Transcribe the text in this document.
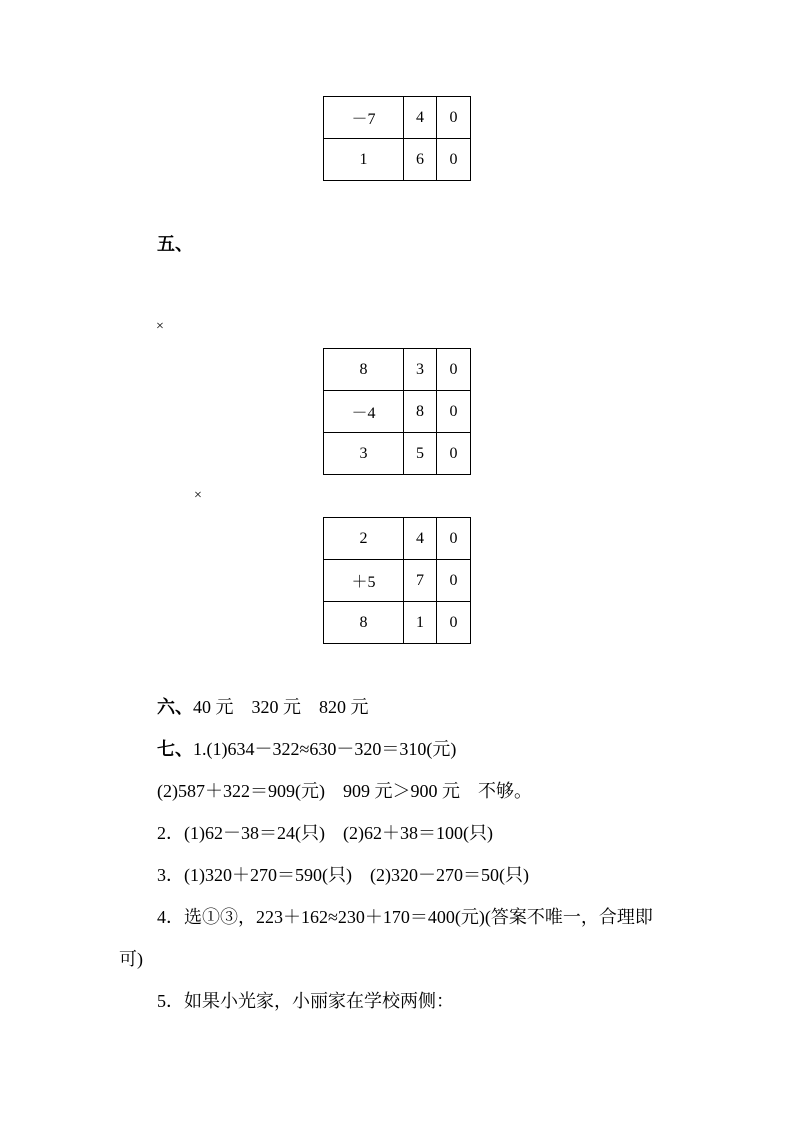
－7	4	0
1	6	0
五、
×
8	3	0
－4	8	0
3	5	0
×
2	4	0
＋5	7	0
8	1	0
六、40 元　320 元　820 元
七、1.(1)634－322≈630－320＝310(元)
(2)587＋322＝909(元)　909 元＞900 元　不够。
2．(1)62－38＝24(只)　(2)62＋38＝100(只)
3．(1)320＋270＝590(只)　(2)320－270＝50(只)
4．选①③，223＋162≈230＋170＝400(元)(答案不唯一，合理即
可)
5．如果小光家，小丽家在学校两侧：
